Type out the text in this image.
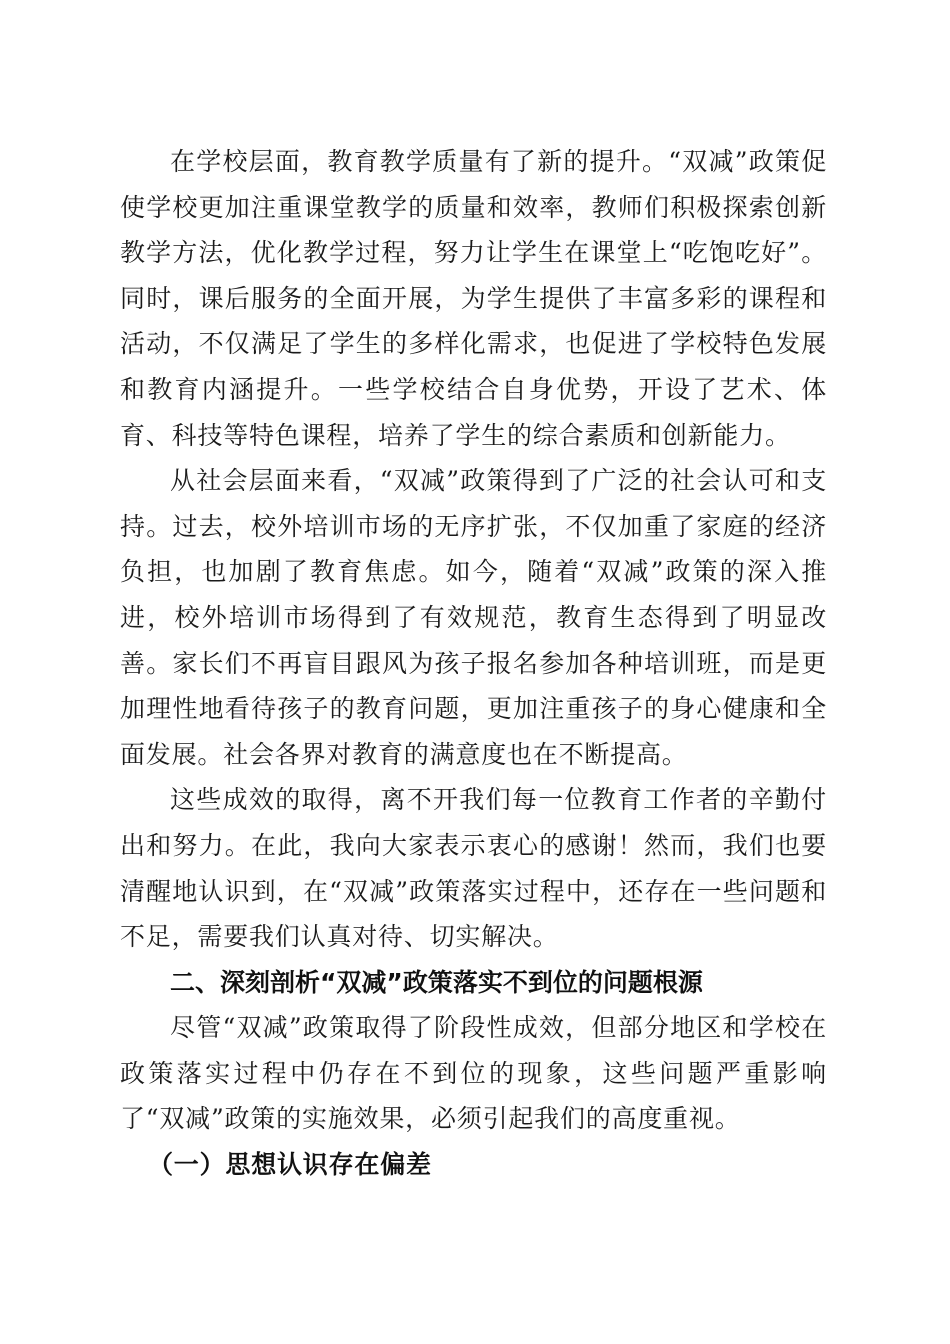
在学校层面，教育教学质量有了新的提升。“双减”政策促使学校更加注重课堂教学的质量和效率，教师们积极探索创新教学方法，优化教学过程，努力让学生在课堂上“吃饱吃好”。同时，课后服务的全面开展，为学生提供了丰富多彩的课程和活动，不仅满足了学生的多样化需求，也促进了学校特色发展和教育内涵提升。一些学校结合自身优势，开设了艺术、体育、科技等特色课程，培养了学生的综合素质和创新能力。

从社会层面来看，“双减”政策得到了广泛的社会认可和支持。过去，校外培训市场的无序扩张，不仅加重了家庭的经济负担，也加剧了教育焦虑。如今，随着“双减”政策的深入推进，校外培训市场得到了有效规范，教育生态得到了明显改善。家长们不再盲目跟风为孩子报名参加各种培训班，而是更加理性地看待孩子的教育问题，更加注重孩子的身心健康和全面发展。社会各界对教育的满意度也在不断提高。

这些成效的取得，离不开我们每一位教育工作者的辛勤付出和努力。在此，我向大家表示衷心的感谢！然而，我们也要清醒地认识到，在“双减”政策落实过程中，还存在一些问题和不足，需要我们认真对待、切实解决。

二、深刻剖析“双减”政策落实不到位的问题根源

尽管“双减”政策取得了阶段性成效，但部分地区和学校在政策落实过程中仍存在不到位的现象，这些问题严重影响了“双减”政策的实施效果，必须引起我们的高度重视。

（一）思想认识存在偏差
